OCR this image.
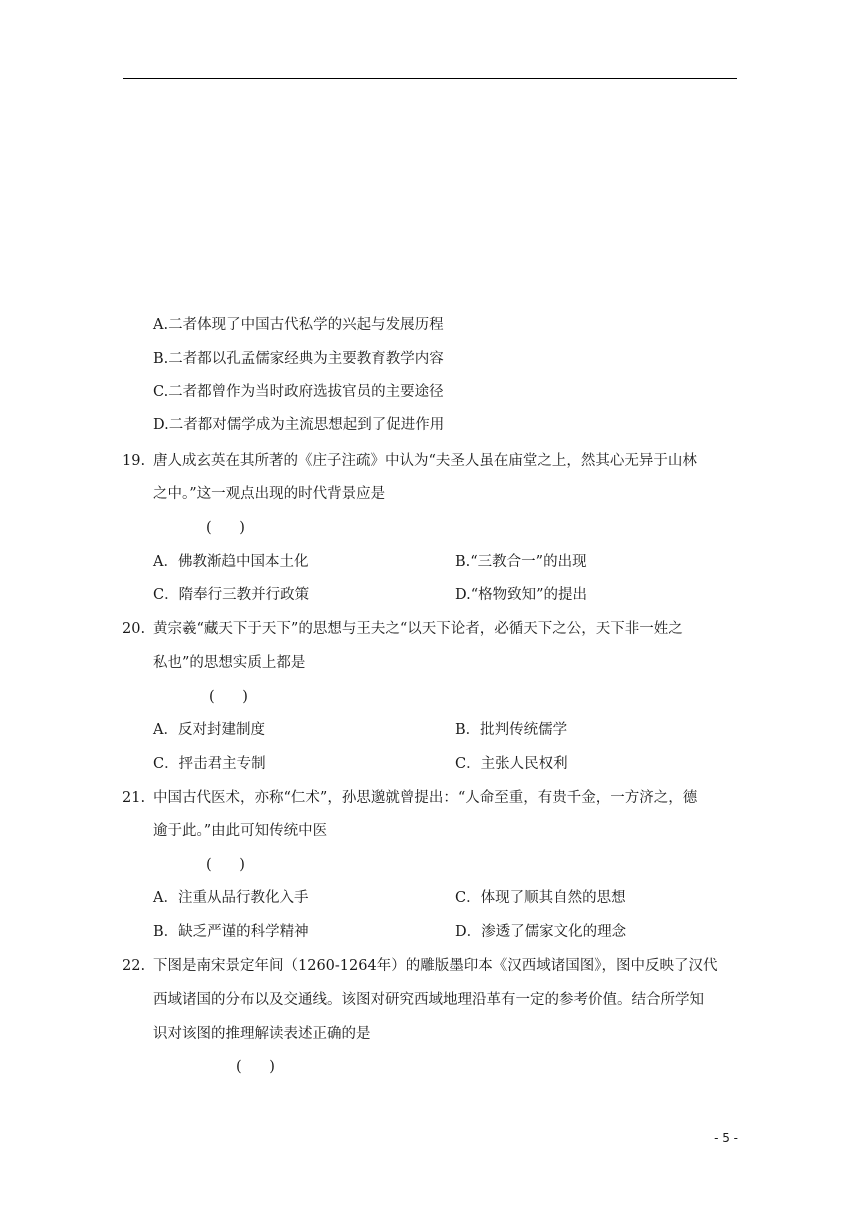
A.二者体现了中国古代私学的兴起与发展历程
B.二者都以孔孟儒家经典为主要教育教学内容
C.二者都曾作为当时政府选拔官员的主要途径
D.二者都对儒学成为主流思想起到了促进作用
19. 唐人成玄英在其所著的《庄子注疏》中认为“夫圣人虽在庙堂之上，然其心无异于山林
之中。”这一观点出现的时代背景应是
(      )
A．佛教渐趋中国本土化	B.“三教合一”的出现
C．隋奉行三教并行政策	D.“格物致知”的提出
20. 黄宗羲“藏天下于天下”的思想与王夫之“以天下论者，必循天下之公，天下非一姓之
私也”的思想实质上都是
(      )
A．反对封建制度	B．批判传统儒学
C．抨击君主专制	C．主张人民权利
21. 中国古代医术，亦称“仁术”，孙思邈就曾提出：“人命至重，有贵千金，一方济之，德
逾于此。”由此可知传统中医
(      )
A．注重从品行教化入手	C．体现了顺其自然的思想
B．缺乏严谨的科学精神	D．渗透了儒家文化的理念
22. 下图是南宋景定年间（1260-1264年）的雕版墨印本《汉西域诸国图》，图中反映了汉代
西域诸国的分布以及交通线。该图对研究西域地理沿革有一定的参考价值。结合所学知
识对该图的推理解读表述正确的是
(      )
- 5 -
